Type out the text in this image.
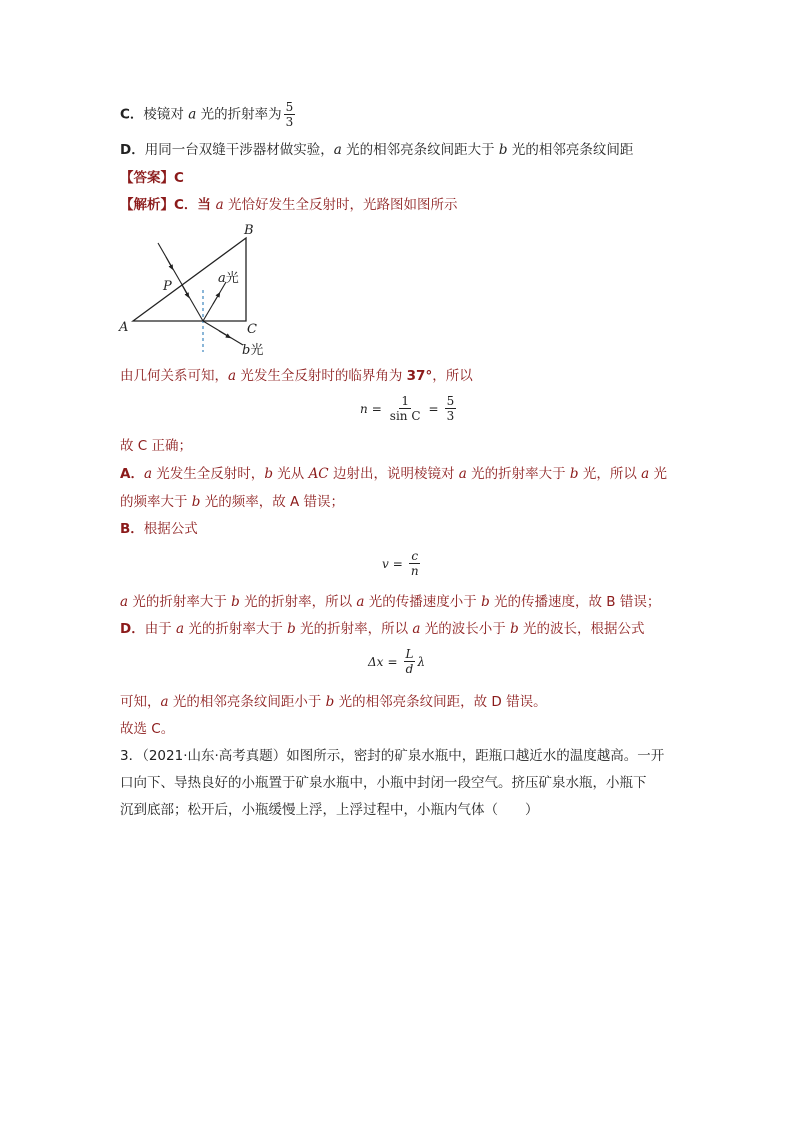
C．棱镜对 a 光的折射率为 $\frac{5}{3}$
D．用同一台双缝干涉器材做实验，a 光的相邻亮条纹间距大于 b 光的相邻亮条纹间距
【答案】C
【解析】C．当 a 光恰好发生全反射时，光路图如图所示
A
B
C
P
a光
b光
由几何关系可知，a 光发生全反射时的临界角为 37°，所以
$n = \frac{1}{\text{sin C}} = \frac{5}{3}$
故 C 正确；
A．a 光发生全反射时，b 光从 AC 边射出，说明棱镜对 a 光的折射率大于 b 光，所以 a 光
的频率大于 b 光的频率，故 A 错误；
B．根据公式
$v = \frac{c}{n}$
a 光的折射率大于 b 光的折射率，所以 a 光的传播速度小于 b 光的传播速度，故 B 错误；
D．由于 a 光的折射率大于 b 光的折射率，所以 a 光的波长小于 b 光的波长，根据公式
$\Delta x = \frac{L}{d}$ λ
可知，a 光的相邻亮条纹间距小于 b 光的相邻亮条纹间距，故 D 错误。
故选 C。
3．（2021·山东·高考真题）如图所示，密封的矿泉水瓶中，距瓶口越近水的温度越高。一开
口向下、导热良好的小瓶置于矿泉水瓶中，小瓶中封闭一段空气。挤压矿泉水瓶，小瓶下
沉到底部；松开后，小瓶缓慢上浮，上浮过程中，小瓶内气体（　　）
